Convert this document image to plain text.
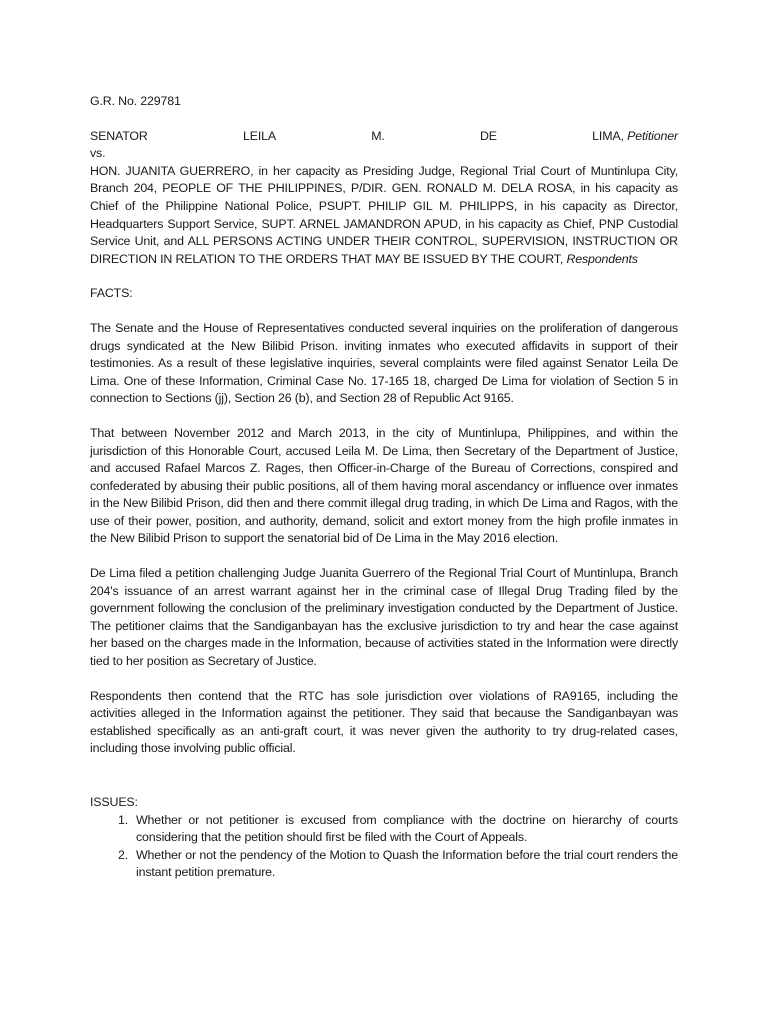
G.R. No. 229781

SENATOR	LEILA	M.	DE	LIMA, Petitioner

vs.

HON. JUANITA GUERRERO, in her capacity as Presiding Judge, Regional Trial Court of Muntinlupa City, Branch 204, PEOPLE OF THE PHILIPPINES, P/DIR. GEN. RONALD M. DELA ROSA, in his capacity as Chief of the Philippine National Police, PSUPT. PHILIP GIL M. PHILIPPS, in his capacity as Director, Headquarters Support Service, SUPT. ARNEL JAMANDRON APUD, in his capacity as Chief, PNP Custodial Service Unit, and ALL PERSONS ACTING UNDER THEIR CONTROL, SUPERVISION, INSTRUCTION OR DIRECTION IN RELATION TO THE ORDERS THAT MAY BE ISSUED BY THE COURT, Respondents

FACTS:

The Senate and the House of Representatives conducted several inquiries on the proliferation of dangerous drugs syndicated at the New Bilibid Prison. inviting inmates who executed affidavits in support of their testimonies. As a result of these legislative inquiries, several complaints were filed against Senator Leila De Lima. One of these Information, Criminal Case No. 17-165 18, charged De Lima for violation of Section 5 in connection to Sections (jj), Section 26 (b), and Section 28 of Republic Act 9165.

That between November 2012 and March 2013, in the city of Muntinlupa, Philippines, and within the jurisdiction of this Honorable Court, accused Leila M. De Lima, then Secretary of the Department of Justice, and accused Rafael Marcos Z. Rages, then Officer-in-Charge of the Bureau of Corrections, conspired and confederated by abusing their public positions, all of them having moral ascendancy or influence over inmates in the New Bilibid Prison, did then and there commit illegal drug trading, in which De Lima and Ragos, with the use of their power, position, and authority, demand, solicit and extort money from the high profile inmates in the New Bilibid Prison to support the senatorial bid of De Lima in the May 2016 election.

De Lima filed a petition challenging Judge Juanita Guerrero of the Regional Trial Court of Muntinlupa, Branch 204's issuance of an arrest warrant against her in the criminal case of Illegal Drug Trading filed by the government following the conclusion of the preliminary investigation conducted by the Department of Justice. The petitioner claims that the Sandiganbayan has the exclusive jurisdiction to try and hear the case against her based on the charges made in the Information, because of activities stated in the Information were directly tied to her position as Secretary of Justice.

Respondents then contend that the RTC has sole jurisdiction over violations of RA9165, including the activities alleged in the Information against the petitioner. They said that because the Sandiganbayan was established specifically as an anti-graft court, it was never given the authority to try drug-related cases, including those involving public official.

ISSUES:

1. Whether or not petitioner is excused from compliance with the doctrine on hierarchy of courts considering that the petition should first be filed with the Court of Appeals.
2. Whether or not the pendency of the Motion to Quash the Information before the trial court renders the instant petition premature.
